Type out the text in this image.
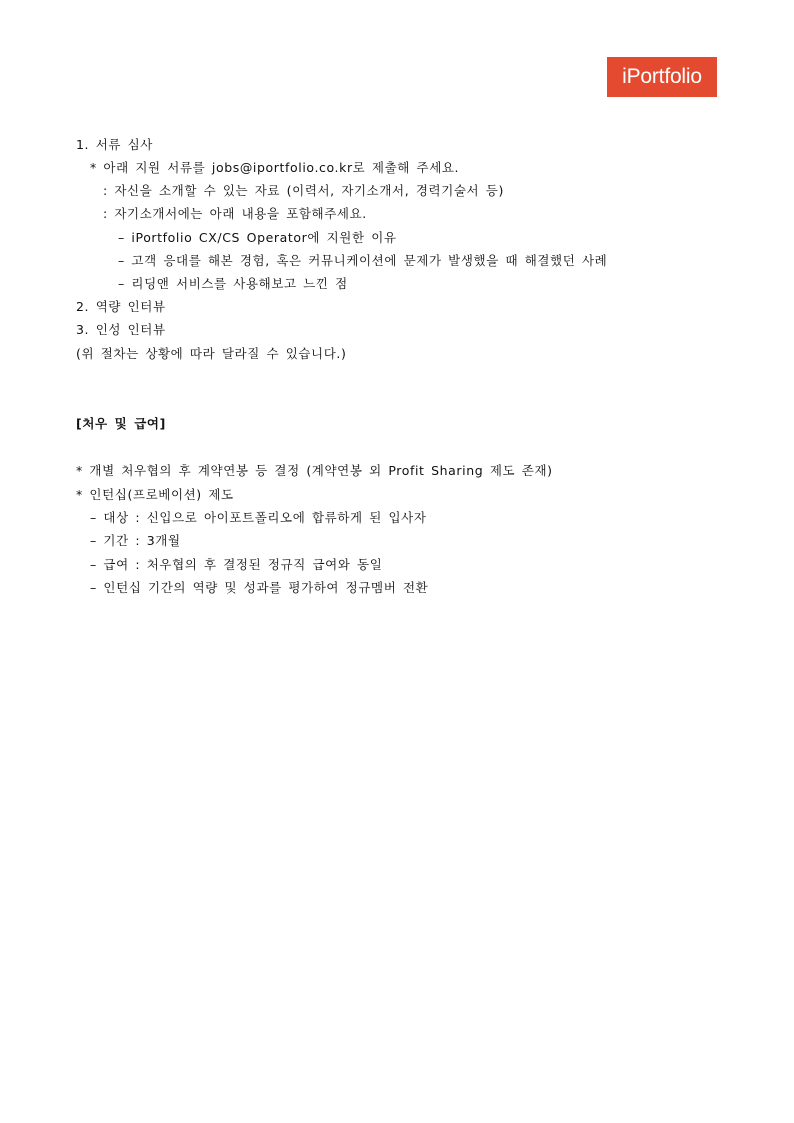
iPortfolio
1. 서류 심사
* 아래 지원 서류를 jobs@iportfolio.co.kr로 제출해 주세요.
: 자신을 소개할 수 있는 자료 (이력서, 자기소개서, 경력기술서 등)
: 자기소개서에는 아래 내용을 포함해주세요.
– iPortfolio CX/CS Operator에 지원한 이유
– 고객 응대를 해본 경험, 혹은 커뮤니케이션에 문제가 발생했을 때 해결했던 사례
– 리딩앤 서비스를 사용해보고 느낀 점
2. 역량 인터뷰
3. 인성 인터뷰
(위 절차는 상황에 따라 달라질 수 있습니다.)
[처우 및 급여]
* 개별 처우협의 후 계약연봉 등 결정 (계약연봉 외 Profit Sharing 제도 존재)
* 인턴십(프로베이션) 제도
– 대상 : 신입으로 아이포트폴리오에 합류하게 된 입사자
– 기간 : 3개월
– 급여 : 처우협의 후 결정된 정규직 급여와 동일
– 인턴십 기간의 역량 및 성과를 평가하여 정규멤버 전환
